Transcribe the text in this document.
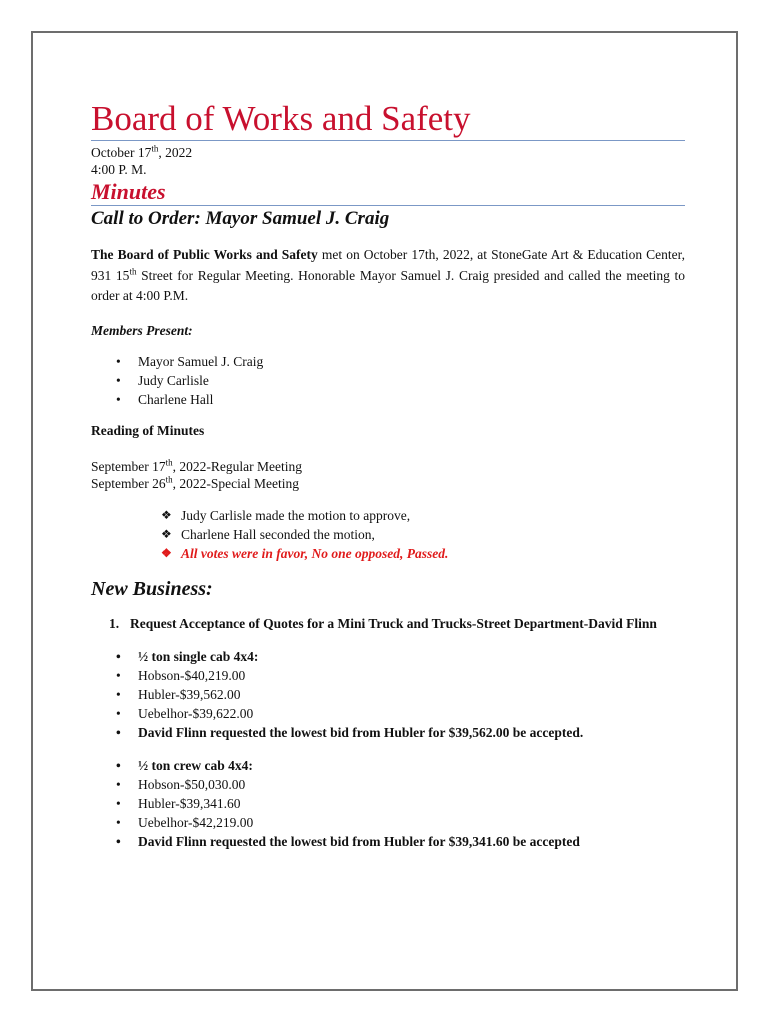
Board of Works and Safety
October 17th, 2022
4:00 P. M.
Minutes
Call to Order: Mayor Samuel J. Craig
The Board of Public Works and Safety met on October 17th, 2022, at StoneGate Art & Education Center, 931 15th Street for Regular Meeting. Honorable Mayor Samuel J. Craig presided and called the meeting to order at 4:00 P.M.
Members Present:
• Mayor Samuel J. Craig
• Judy Carlisle
• Charlene Hall
Reading of Minutes
September 17th, 2022-Regular Meeting
September 26th, 2022-Special Meeting
❖ Judy Carlisle made the motion to approve,
❖ Charlene Hall seconded the motion,
❖ All votes were in favor, No one opposed, Passed.
New Business:
1. Request Acceptance of Quotes for a Mini Truck and Trucks-Street Department-David Flinn
• ½ ton single cab 4x4:
• Hobson-$40,219.00
• Hubler-$39,562.00
• Uebelhor-$39,622.00
• David Flinn requested the lowest bid from Hubler for $39,562.00 be accepted.
• ½ ton crew cab 4x4:
• Hobson-$50,030.00
• Hubler-$39,341.60
• Uebelhor-$42,219.00
• David Flinn requested the lowest bid from Hubler for $39,341.60 be accepted
